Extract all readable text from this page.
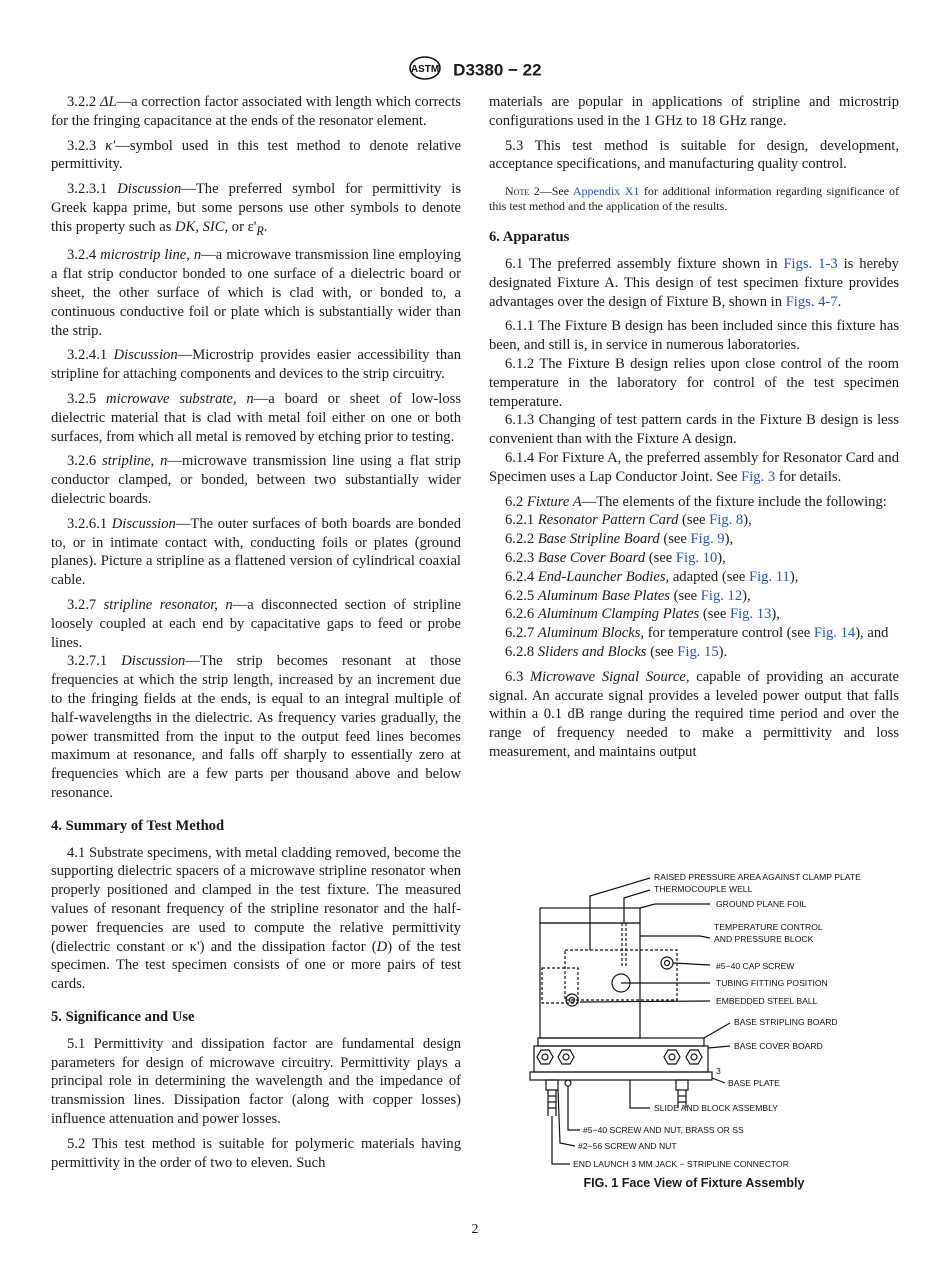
ASTM D3380 − 22

3.2.2 ΔL—a correction factor associated with length which corrects for the fringing capacitance at the ends of the resonator element.

3.2.3 κ′—symbol used in this test method to denote relative permittivity.

3.2.3.1 Discussion—The preferred symbol for permittivity is Greek kappa prime, but some persons use other symbols to denote this property such as DK, SIC, or $\varepsilon'_R$.

3.2.4 microstrip line, n—a microwave transmission line employing a flat strip conductor bonded to one surface of a dielectric board or sheet, the other surface of which is clad with, or bonded to, a continuous conductive foil or plate which is substantially wider than the strip.

3.2.4.1 Discussion—Microstrip provides easier accessibility than stripline for attaching components and devices to the strip circuitry.

3.2.5 microwave substrate, n—a board or sheet of low-loss dielectric material that is clad with metal foil either on one or both surfaces, from which all metal is removed by etching prior to testing.

3.2.6 stripline, n—microwave transmission line using a flat strip conductor clamped, or bonded, between two substantially wider dielectric boards.

3.2.6.1 Discussion—The outer surfaces of both boards are bonded to, or in intimate contact with, conducting foils or plates (ground planes). Picture a stripline as a flattened version of cylindrical coaxial cable.

3.2.7 stripline resonator, n—a disconnected section of stripline loosely coupled at each end by capacitative gaps to feed or probe lines.

3.2.7.1 Discussion—The strip becomes resonant at those frequencies at which the strip length, increased by an increment due to the fringing fields at the ends, is equal to an integral multiple of half-wavelengths in the dielectric. As frequency varies gradually, the power transmitted from the input to the output feed lines becomes maximum at resonance, and falls off sharply to essentially zero at frequencies which are a few parts per thousand above and below resonance.

4. Summary of Test Method

4.1 Substrate specimens, with metal cladding removed, become the supporting dielectric spacers of a microwave stripline resonator when properly positioned and clamped in the test fixture. The measured values of resonant frequency of the stripline resonator and the half-power frequencies are used to compute the relative permittivity (dielectric constant or κ') and the dissipation factor (D) of the test specimen. The test specimen consists of one or more pairs of test cards.

5. Significance and Use

5.1 Permittivity and dissipation factor are fundamental design parameters for design of microwave circuitry. Permittivity plays a principal role in determining the wavelength and the impedance of transmission lines. Dissipation factor (along with copper losses) influence attenuation and power losses.

5.2 This test method is suitable for polymeric materials having permittivity in the order of two to eleven. Such

materials are popular in applications of stripline and microstrip configurations used in the 1 GHz to 18 GHz range.

5.3 This test method is suitable for design, development, acceptance specifications, and manufacturing quality control.

Note 2—See Appendix X1 for additional information regarding significance of this test method and the application of the results.
6. Apparatus

6.1 The preferred assembly fixture shown in Figs. 1-3 is hereby designated Fixture A. This design of test specimen fixture provides advantages over the design of Fixture B, shown in Figs. 4-7.

6.1.1 The Fixture B design has been included since this fixture has been, and still is, in service in numerous laboratories.

6.1.2 The Fixture B design relies upon close control of the room temperature in the laboratory for control of the test specimen temperature.

6.1.3 Changing of test pattern cards in the Fixture B design is less convenient than with the Fixture A design.

6.1.4 For Fixture A, the preferred assembly for Resonator Card and Specimen uses a Lap Conductor Joint. See Fig. 3 for details.

6.2 Fixture A—The elements of the fixture include the following:

6.2.1 Resonator Pattern Card (see Fig. 8),

6.2.2 Base Stripline Board (see Fig. 9),

6.2.3 Base Cover Board (see Fig. 10),

6.2.4 End-Launcher Bodies, adapted (see Fig. 11),

6.2.5 Aluminum Base Plates (see Fig. 12),

6.2.6 Aluminum Clamping Plates (see Fig. 13),

6.2.7 Aluminum Blocks, for temperature control (see Fig. 14), and

6.2.8 Sliders and Blocks (see Fig. 15).

6.3 Microwave Signal Source, capable of providing an accurate signal. An accurate signal provides a leveled power output that falls within a 0.1 dB range during the required time period and over the range of frequency needed to make a permittivity and loss measurement, and maintains output

RAISED PRESSURE AREA AGAINST CLAMP PLATE
THERMOCOUPLE WELL
GROUND PLANE FOIL
TEMPERATURE CONTROL
AND PRESSURE BLOCK
#5−40 CAP SCREW
TUBING FITTING POSITION
EMBEDDED STEEL BALL
BASE STRIPLING BOARD
BASE COVER BOARD
3
BASE PLATE
SLIDE AND BLOCK ASSEMBLY
#5−40 SCREW AND NUT, BRASS OR SS
#2−56 SCREW AND NUT
END LAUNCH 3 MM JACK − STRIPLINE CONNECTOR
FIG. 1 Face View of Fixture Assembly
2
